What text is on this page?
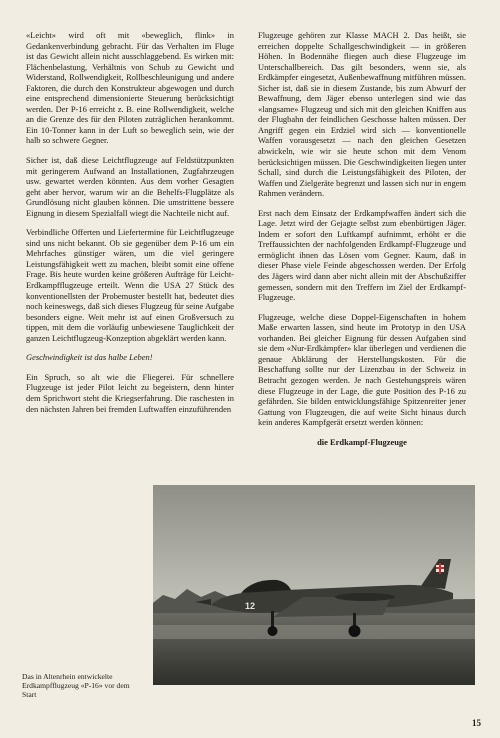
«Leicht» wird oft mit «beweglich, flink» in Gedankenverbindung gebracht. Für das Verhalten im Fluge ist das Gewicht allein nicht ausschlaggebend. Es wirken mit: Flächenbelastung, Verhältnis von Schub zu Gewicht und Widerstand, Rollwendigkeit, Rollbeschleunigung und andere Faktoren, die durch den Konstrukteur abgewogen und durch eine entsprechend dimensionierte Steuerung berücksichtigt werden. Der P-16 erreicht z. B. eine Rollwendigkeit, welche an die Grenze des für den Piloten zuträglichen herankommt. Ein 10-Tonner kann in der Luft so beweglich sein, wie der halb so schwere Gegner.

Sicher ist, daß diese Leichtflugzeuge auf Feldstützpunkten mit geringerem Aufwand an Installationen, Zugfahrzeugen usw. gewartet werden könnten. Aus dem vorher Gesagten geht aber hervor, warum wir an die Behelfs-Flugplätze als Grundlösung nicht glauben können. Die umstrittene bessere Eignung in diesem Spezialfall wiegt die Nachteile nicht auf.

Verbindliche Offerten und Liefertermine für Leichtflugzeuge sind uns nicht bekannt. Ob sie gegenüber dem P-16 um ein Mehrfaches günstiger wären, um die viel geringere Leistungsfähigkeit wett zu machen, bleibt somit eine offene Frage. Bis heute wurden keine größeren Aufträge für Leicht-Erdkampfflugzeuge erteilt. Wenn die USA 27 Stück des konventionellsten der Probemuster bestellt hat, bedeutet dies noch keineswegs, daß sich dieses Flugzeug für seine Aufgabe besonders eigne. Weit mehr ist auf einen Großversuch zu tippen, mit dem die vorläufig unbewiesene Tauglichkeit der ganzen Leichtflugzeug-Konzeption abgeklärt werden kann.

Geschwindigkeit ist das halbe Leben!

Ein Spruch, so alt wie die Fliegerei. Für schnellere Flugzeuge ist jeder Pilot leicht zu begeistern, denn hinter dem Sprichwort steht die Kriegserfahrung. Die raschesten in den nächsten Jahren bei fremden Luftwaffen einzuführenden

Flugzeuge gehören zur Klasse MACH 2. Das heißt, sie erreichen doppelte Schallgeschwindigkeit — in größeren Höhen. In Bodennähe fliegen auch diese Flugzeuge im Unterschallbereich. Das gilt besonders, wenn sie, als Erdkämpfer eingesetzt, Außenbewaffnung mitführen müssen. Sicher ist, daß sie in diesem Zustande, bis zum Abwurf der Bewaffnung, dem Jäger ebenso unterlegen sind wie das «langsame» Flugzeug und sich mit den gleichen Kniffen aus der Flugbahn der feindlichen Geschosse halten müssen. Der Angriff gegen ein Erdziel wird sich — konventionelle Waffen vorausgesetzt — nach den gleichen Gesetzen abwickeln, wie wir sie heute schon mit dem Venom berücksichtigen müssen. Die Geschwindigkeiten liegen unter Schall, sind durch die Leistungsfähigkeit des Piloten, der Waffen und Zielgeräte begrenzt und lassen sich nur in engem Rahmen verändern.

Erst nach dem Einsatz der Erdkampfwaffen ändert sich die Lage. Jetzt wird der Gejagte selbst zum ebenbürtigen Jäger. Indem er sofort den Luftkampf aufnimmt, erhöht er die Treffaussichten der nachfolgenden Erdkampf-Flugzeuge und ermöglicht ihnen das Lösen vom Gegner. Kaum, daß in dieser Phase viele Feinde abgeschossen werden. Der Erfolg des Jägers wird dann aber nicht allein mit der Abschußziffer gemessen, sondern mit den Treffern im Ziel der Erdkampf-Flugzeuge.

Flugzeuge, welche diese Doppel-Eigenschaften in hohem Maße erwarten lassen, sind heute im Prototyp in den USA vorhanden. Bei gleicher Eignung für dessen Aufgaben sind sie dem «Nur-Erdkämpfer» klar überlegen und verdienen die genaue Abklärung der Herstellungskosten. Für die Beschaffung sollte nur der Lizenzbau in der Schweiz in Betracht gezogen werden. Je nach Gestehungspreis wären diese Flugzeuge in der Lage, die gute Position des P-16 zu gefährden. Sie bilden entwicklungsfähige Spitzenreiter jener Gattung von Flugzeugen, die auf weite Sicht hinaus durch kein anderes Kampfgerät ersetzt werden können:

die Erdkampf-Flugzeuge

12
Das in Altenrhein entwickelte Erdkampfflugzeug «P-16» vor dem Start
15
